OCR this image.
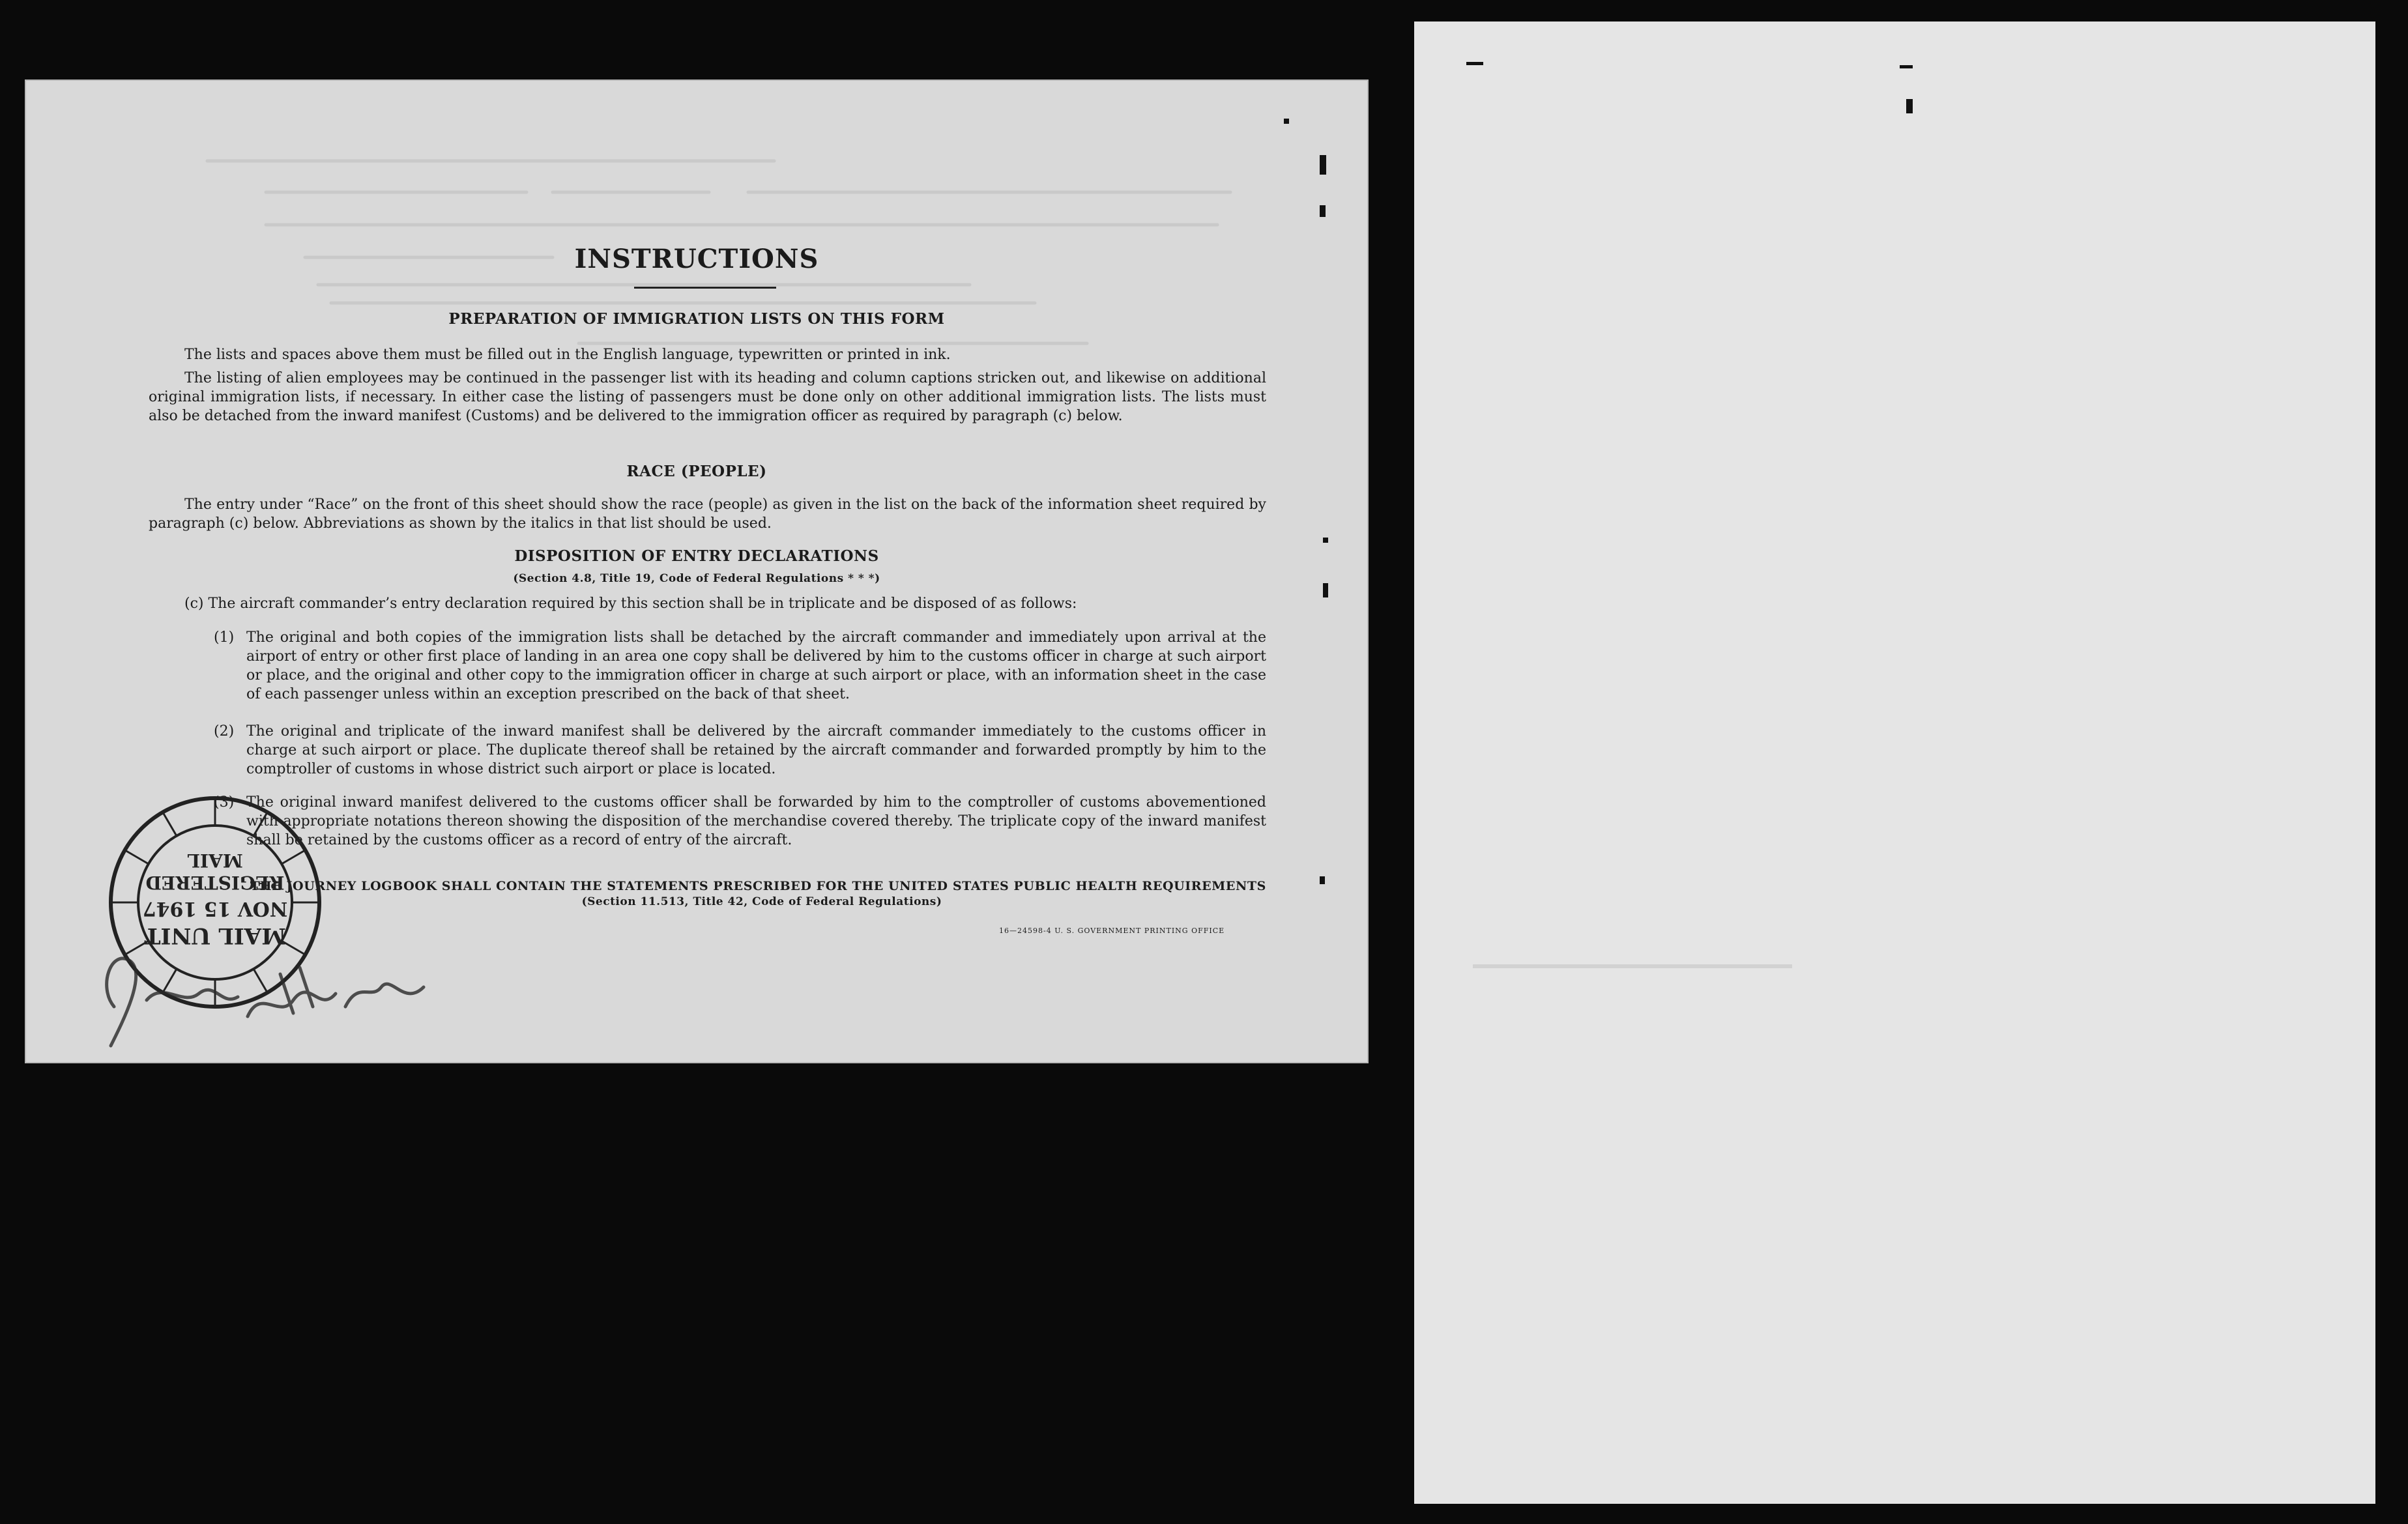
INSTRUCTIONS
PREPARATION OF IMMIGRATION LISTS ON THIS FORM
The lists and spaces above them must be filled out in the English language, typewritten or printed in ink.
The listing of alien employees may be continued in the passenger list with its heading and column captions stricken out, and likewise on additional original immigration lists, if necessary. In either case the listing of passengers must be done only on other additional immigration lists. The lists must also be detached from the inward manifest (Customs) and be delivered to the immigration officer as required by paragraph (c) below.
RACE (PEOPLE)
The entry under “Race” on the front of this sheet should show the race (people) as given in the list on the back of the information sheet required by paragraph (c) below. Abbreviations as shown by the italics in that list should be used.
DISPOSITION OF ENTRY DECLARATIONS
(Section 4.8, Title 19, Code of Federal Regulations * * *)
(c) The aircraft commander’s entry declaration required by this section shall be in triplicate and be disposed of as follows:
(1) The original and both copies of the immigration lists shall be detached by the aircraft commander and immediately upon arrival at the airport of entry or other first place of landing in an area one copy shall be delivered by him to the customs officer in charge at such airport or place, and the original and other copy to the immigration officer in charge at such airport or place, with an information sheet in the case of each passenger unless within an exception prescribed on the back of that sheet.
(2) The original and triplicate of the inward manifest shall be delivered by the aircraft commander immediately to the customs officer in charge at such airport or place. The duplicate thereof shall be retained by the aircraft commander and forwarded promptly by him to the comptroller of customs in whose district such airport or place is located.
(3) The original inward manifest delivered to the customs officer shall be forwarded by him to the comptroller of customs abovementioned with appropriate notations thereon showing the disposition of the merchandise covered thereby. The triplicate copy of the inward manifest shall be retained by the customs officer as a record of entry of the aircraft.
THE JOURNEY LOGBOOK SHALL CONTAIN THE STATEMENTS PRESCRIBED FOR THE UNITED STATES PUBLIC HEALTH REQUIREMENTS
(Section 11.513, Title 42, Code of Federal Regulations)
16—24598-4 U. S. GOVERNMENT PRINTING OFFICE
MAIL UNIT
NOV 15 1947
REGISTERED
MAIL
